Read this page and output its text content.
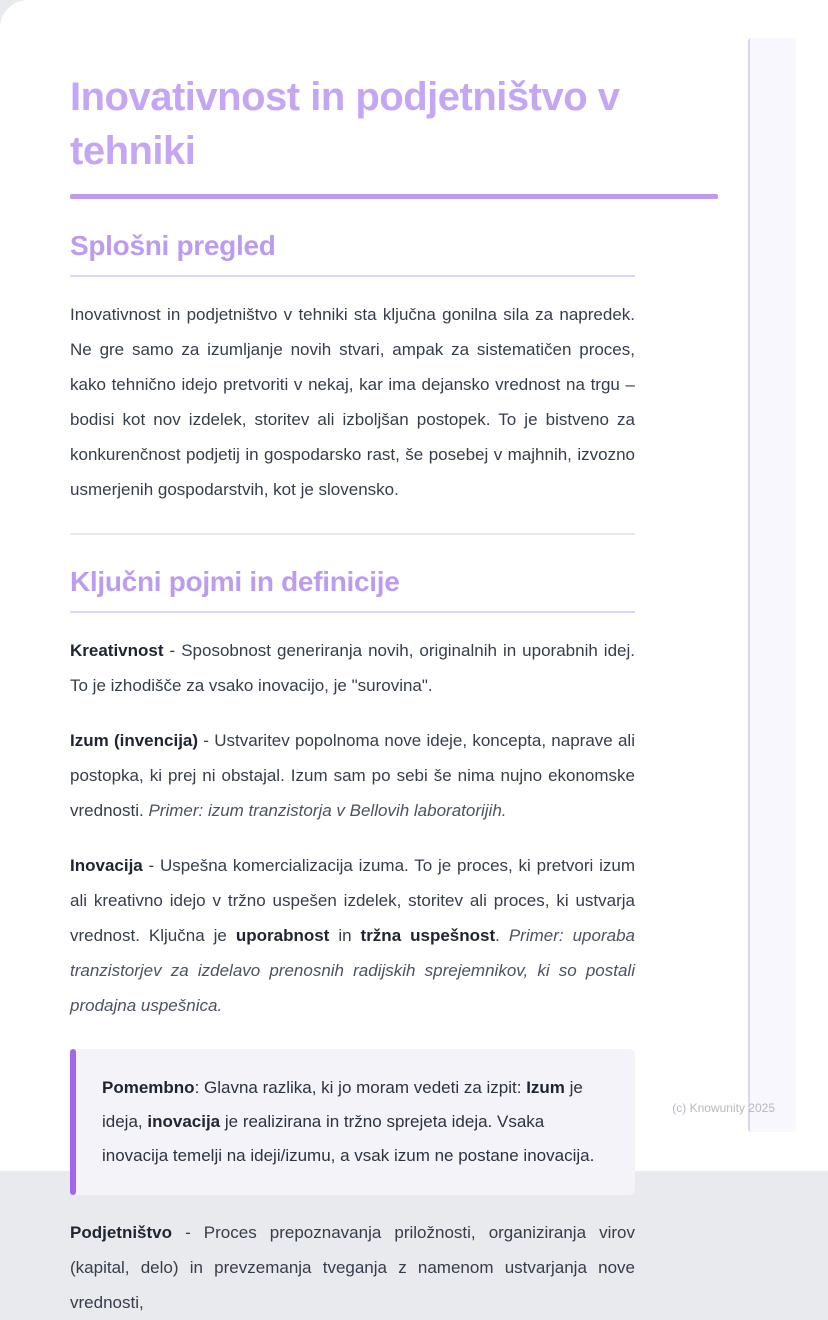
Inovativnost in podjetništvo v tehniki
Splošni pregled

Inovativnost in podjetništvo v tehniki sta ključna gonilna sila za napredek. Ne gre samo za izumljanje novih stvari, ampak za sistematičen proces, kako tehnično idejo pretvoriti v nekaj, kar ima dejansko vrednost na trgu – bodisi kot nov izdelek, storitev ali izboljšan postopek. To je bistveno za konkurenčnost podjetij in gospodarsko rast, še posebej v majhnih, izvozno usmerjenih gospodarstvih, kot je slovensko.

Ključni pojmi in definicije

Kreativnost - Sposobnost generiranja novih, originalnih in uporabnih idej. To je izhodišče za vsako inovacijo, je "surovina".

Izum (invencija) - Ustvaritev popolnoma nove ideje, koncepta, naprave ali postopka, ki prej ni obstajal. Izum sam po sebi še nima nujno ekonomske vrednosti. Primer: izum tranzistorja v Bellovih laboratorijih.

Inovacija - Uspešna komercializacija izuma. To je proces, ki pretvori izum ali kreativno idejo v tržno uspešen izdelek, storitev ali proces, ki ustvarja vrednost. Ključna je uporabnost in tržna uspešnost. Primer: uporaba tranzistorjev za izdelavo prenosnih radijskih sprejemnikov, ki so postali prodajna uspešnica.

Pomembno: Glavna razlika, ki jo moram vedeti za izpit: Izum je ideja, inovacija je realizirana in tržno sprejeta ideja. Vsaka inovacija temelji na ideji/izumu, a vsak izum ne postane inovacija.

Podjetništvo - Proces prepoznavanja priložnosti, organiziranja virov (kapital, delo) in prevzemanja tveganja z namenom ustvarjanja nove vrednosti,

(c) Knowunity 2025
